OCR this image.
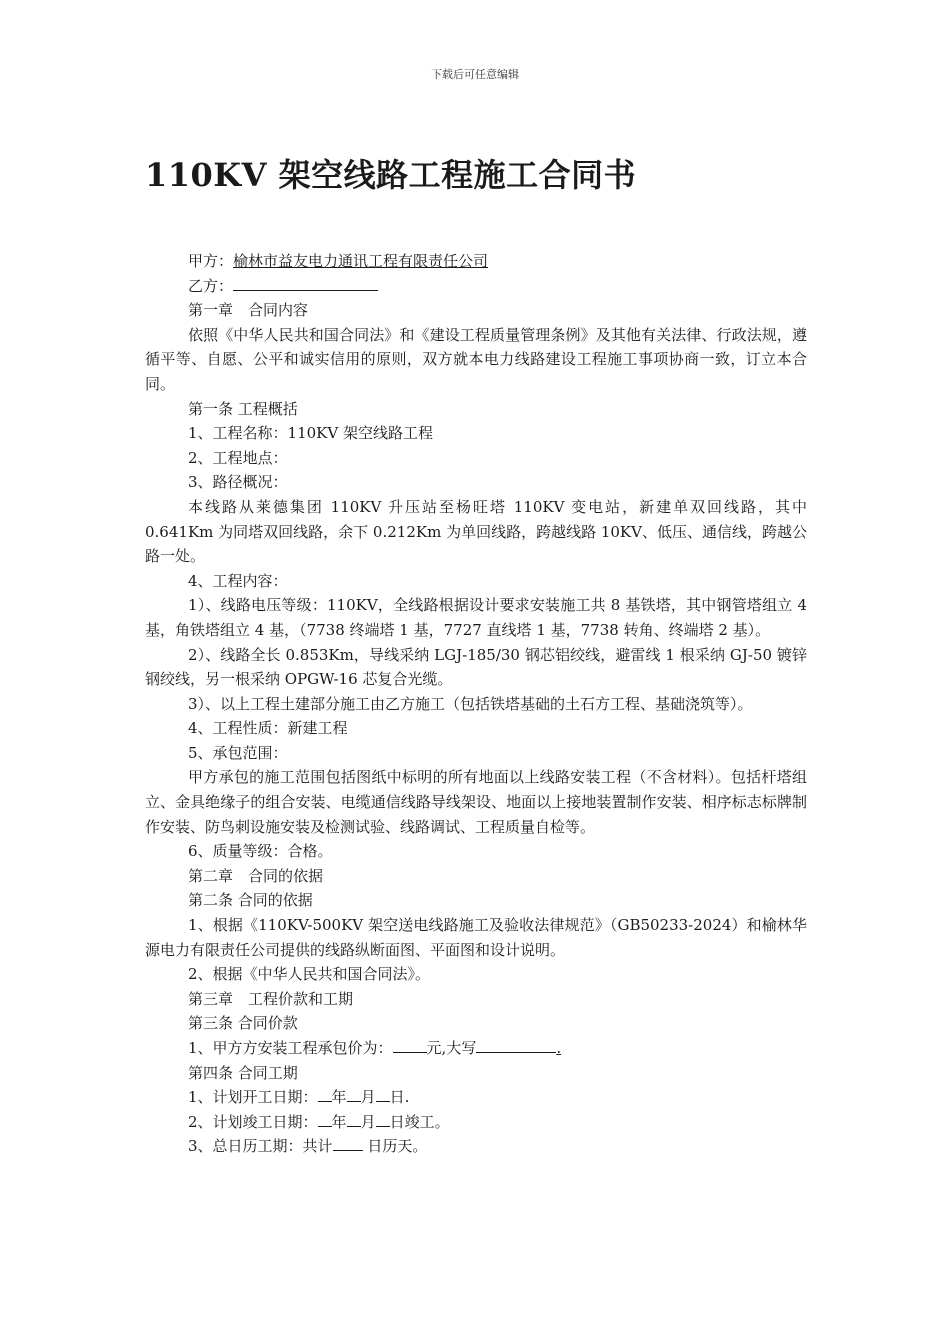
下载后可任意编辑
110KV 架空线路工程施工合同书

甲方：榆林市益友电力通讯工程有限责任公司

乙方：

第一章　合同内容

依照《中华人民共和国合同法》和《建设工程质量管理条例》及其他有关法律、行政法规，遵循平等、自愿、公平和诚实信用的原则，双方就本电力线路建设工程施工事项协商一致，订立本合同。

第一条 工程概括

1、工程名称：110KV 架空线路工程

2、工程地点：

3、路径概况：

本线路从莱德集团 110KV 升压站至杨旺塔 110KV 变电站，新建单双回线路，其中 0.641Km 为同塔双回线路，余下 0.212Km 为单回线路，跨越线路 10KV、低压、通信线，跨越公路一处。

4、工程内容：

1）、线路电压等级：110KV，全线路根据设计要求安装施工共 8 基铁塔，其中钢管塔组立 4 基，角铁塔组立 4 基，（7738 终端塔 1 基，7727 直线塔 1 基，7738 转角、终端塔 2 基）。

2）、线路全长 0.853Km，导线采纳 LGJ-185/30 钢芯铝绞线，避雷线 1 根采纳 GJ-50 镀锌钢绞线，另一根采纳 OPGW-16 芯复合光缆。

3）、以上工程土建部分施工由乙方施工（包括铁塔基础的土石方工程、基础浇筑等）。

4、工程性质：新建工程

5、承包范围：

甲方承包的施工范围包括图纸中标明的所有地面以上线路安装工程（不含材料）。包括杆塔组立、金具绝缘子的组合安装、电缆通信线路导线架设、地面以上接地装置制作安装、相序标志标牌制作安装、防鸟刺设施安装及检测试验、线路调试、工程质量自检等。

6、质量等级：合格。

第二章　合同的依据

第二条 合同的依据

1、根据《110KV-500KV 架空送电线路施工及验收法律规范》（GB50233-2024）和榆林华源电力有限责任公司提供的线路纵断面图、平面图和设计说明。

2、根据《中华人民共和国合同法》。

第三章　工程价款和工期

第三条 合同价款

1、甲方方安装工程承包价为： 元,大写	.

第四条 合同工期

1、计划开工日期： 年 月 日.

2、计划竣工日期： 年 月 日竣工。

3、总日历工期：共计 日历天。
